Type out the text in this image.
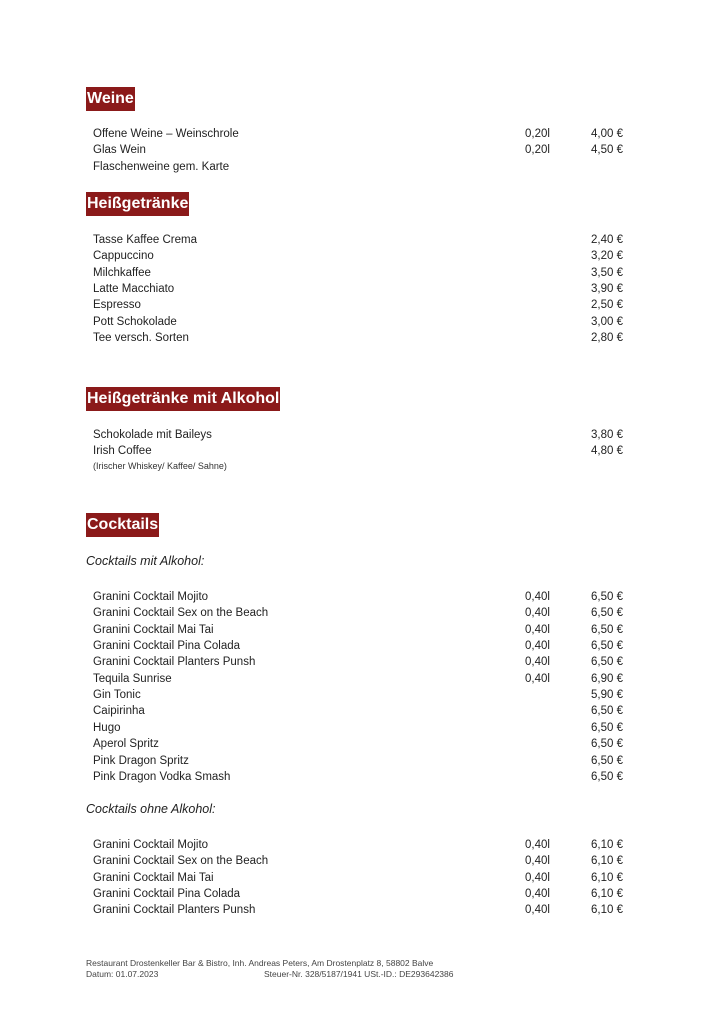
Weine
Heißgetränke
Heißgetränke mit Alkohol
(Irischer Whiskey/ Kaffee/ Sahne)
Cocktails
Cocktails mit Alkohol:
Cocktails ohne Alkohol:
Restaurant Drostenkeller Bar & Bistro, Inh. Andreas Peters, Am Drostenplatz 8, 58802 Balve
Datum: 01.07.2023	Steuer-Nr. 328/5187/1941 USt.-ID.: DE293642386
Offene Weine – Weinschrole	0,20l	4,00 €
Glas Wein	0,20l	4,50 €
Flaschenweine gem. Karte
Tasse Kaffee Crema	2,40 €
Cappuccino	3,20 €
Milchkaffee	3,50 €
Latte Macchiato	3,90 €
Espresso	2,50 €
Pott Schokolade	3,00 €
Tee versch. Sorten	2,80 €
Schokolade mit Baileys	3,80 €
Irish Coffee	4,80 €
Granini Cocktail Mojito	0,40l	6,50 €
Granini Cocktail Sex on the Beach	0,40l	6,50 €
Granini Cocktail Mai Tai	0,40l	6,50 €
Granini Cocktail Pina Colada	0,40l	6,50 €
Granini Cocktail Planters Punsh	0,40l	6,50 €
Tequila Sunrise	0,40l	6,90 €
Gin Tonic	5,90 €
Caipirinha	6,50 €
Hugo	6,50 €
Aperol Spritz	6,50 €
Pink Dragon Spritz	6,50 €
Pink Dragon Vodka Smash	6,50 €
Granini Cocktail Mojito	0,40l	6,10 €
Granini Cocktail Sex on the Beach	0,40l	6,10 €
Granini Cocktail Mai Tai	0,40l	6,10 €
Granini Cocktail Pina Colada	0,40l	6,10 €
Granini Cocktail Planters Punsh	0,40l	6,10 €
